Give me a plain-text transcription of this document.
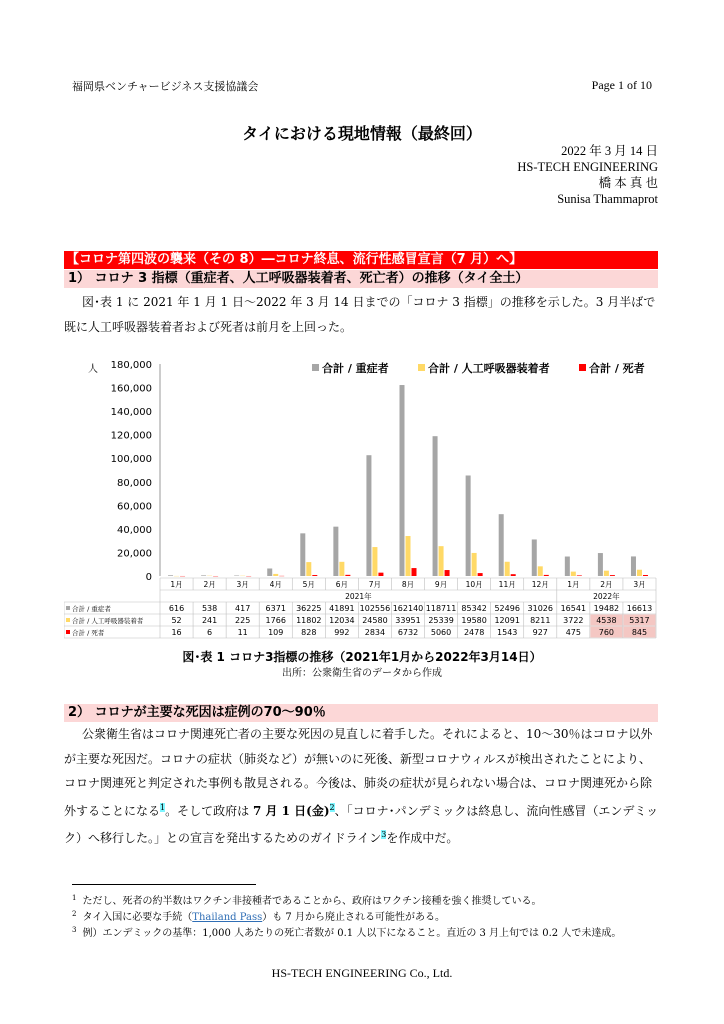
福岡県ベンチャービジネス支援協議会	Page 1 of 10
タイにおける現地情報（最終回）
2022 年 3 月 14 日
HS-TECH ENGINEERING
橋 本 真 也
Sunisa Thammaprot
【コロナ第四波の襲来（その 8）―コロナ終息、流行性感冒宣言（7 月）へ】
1） コロナ 3 指標（重症者、人工呼吸器装着者、死亡者）の推移（タイ全土）

図･表 1 に 2021 年 1 月 1 日～2022 年 3 月 14 日までの「コロナ 3 指標」の推移を示した。3 月半ばで既に人工呼吸器装着者および死者は前月を上回った。

人
0
20,000
40,000
60,000
80,000
100,000
120,000
140,000
160,000
180,000	合計 / 重症者	合計 / 人工呼吸器装着者	合計 / 死者
1月	2月	3月	4月	5月	6月	7月	8月	9月 10月 11月 12月 1月	2月	3月
2021年	2022年
合計 / 重症者	616 538 417 6371 36225 41891 102556 162140 118711 85342 52496 31026 16541 19482 16613
合計 / 人工呼吸器装着者	52	241 225 1766 11802 12034 24580 33951 25339 19580 12091 8211 3722 4538 5317
合計 / 死者	16	6	11	109 828 992 2834 6732 5060 2478 1543 927 475 760 845
図･表 1 コロナ3指標の推移（2021年1月から2022年3月14日）
出所：公衆衛生省のデータから作成
2） コロナが主要な死因は症例の70～90％

公衆衛生省はコロナ関連死亡者の主要な死因の見直しに着手した。それによると、10～30％はコロナ以外が主要な死因だ。コロナの症状（肺炎など）が無いのに死後、新型コロナウィルスが検出されたことにより、コロナ関連死と判定された事例も散見される。今後は、肺炎の症状が見られない場合は、コロナ関連死から除外することになる$^1$。そして政府は 7 月 1 日(金)$^2$、「コロナ･パンデミックは終息し、流向性感冒（エンデミック）へ移行した。」との宣言を発出するためのガイドライン$^3$を作成中だ。

$^1$ ただし、死者の約半数はワクチン非接種者であることから、政府はワクチン接種を強く推奨している。
$^2$ タイ入国に必要な手続（Thailand Pass）も 7 月から廃止される可能性がある。
$^3$ 例）エンデミックの基準：1,000 人あたりの死亡者数が 0.1 人以下になること。直近の 3 月上旬では 0.2 人で未達成。
HS-TECH ENGINEERING Co., Ltd.
